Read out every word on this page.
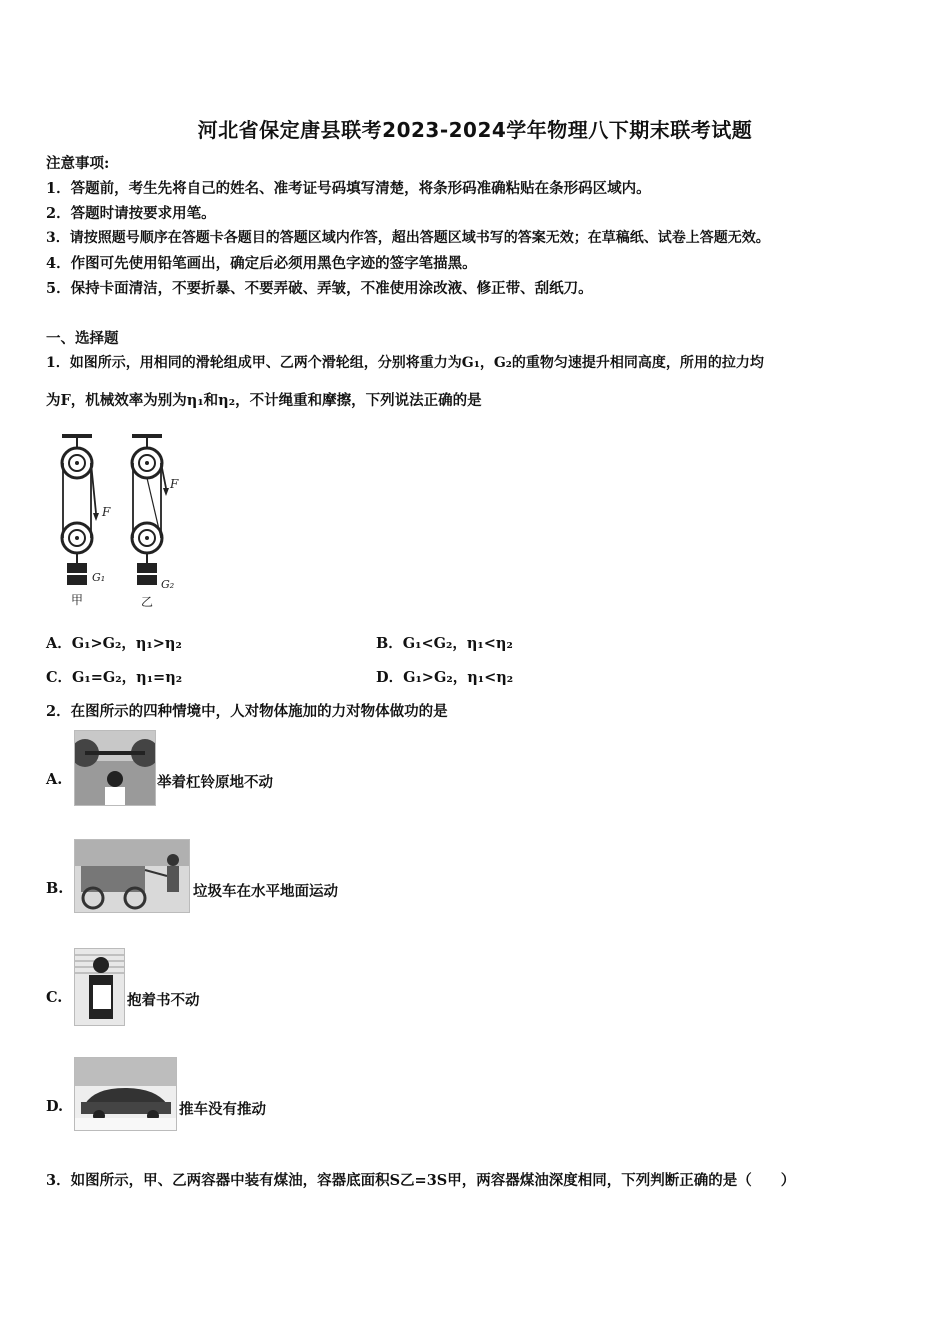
河北省保定唐县联考2023-2024学年物理八下期末联考试题
注意事项:
1．答题前，考生先将自己的姓名、准考证号码填写清楚，将条形码准确粘贴在条形码区域内。
2．答题时请按要求用笔。
3．请按照题号顺序在答题卡各题目的答题区域内作答，超出答题区域书写的答案无效；在草稿纸、试卷上答题无效。
4．作图可先使用铅笔画出，确定后必须用黑色字迹的签字笔描黑。
5．保持卡面清洁，不要折暴、不要弄破、弄皱，不准使用涂改液、修正带、刮纸刀。
一、选择题
1．如图所示，用相同的滑轮组成甲、乙两个滑轮组，分别将重力为G₁，G₂的重物匀速提升相同高度，所用的拉力均
为F，机械效率为别为η₁和η₂，不计绳重和摩擦，下列说法正确的是
F
F
G₁
G₂
甲	乙
A．G₁>G₂，η₁>η₂	B．G₁<G₂，η₁<η₂
C．G₁=G₂，η₁=η₂	D．G₁>G₂，η₁<η₂
2．在图所示的四种情境中，人对物体施加的力对物体做功的是
A.	举着杠铃原地不动
B.	垃圾车在水平地面运动
C.	抱着书不动
D.	推车没有推动
3．如图所示，甲、乙两容器中装有煤油，容器底面积S乙=3S甲，两容器煤油深度相同，下列判断正确的是（　　）
